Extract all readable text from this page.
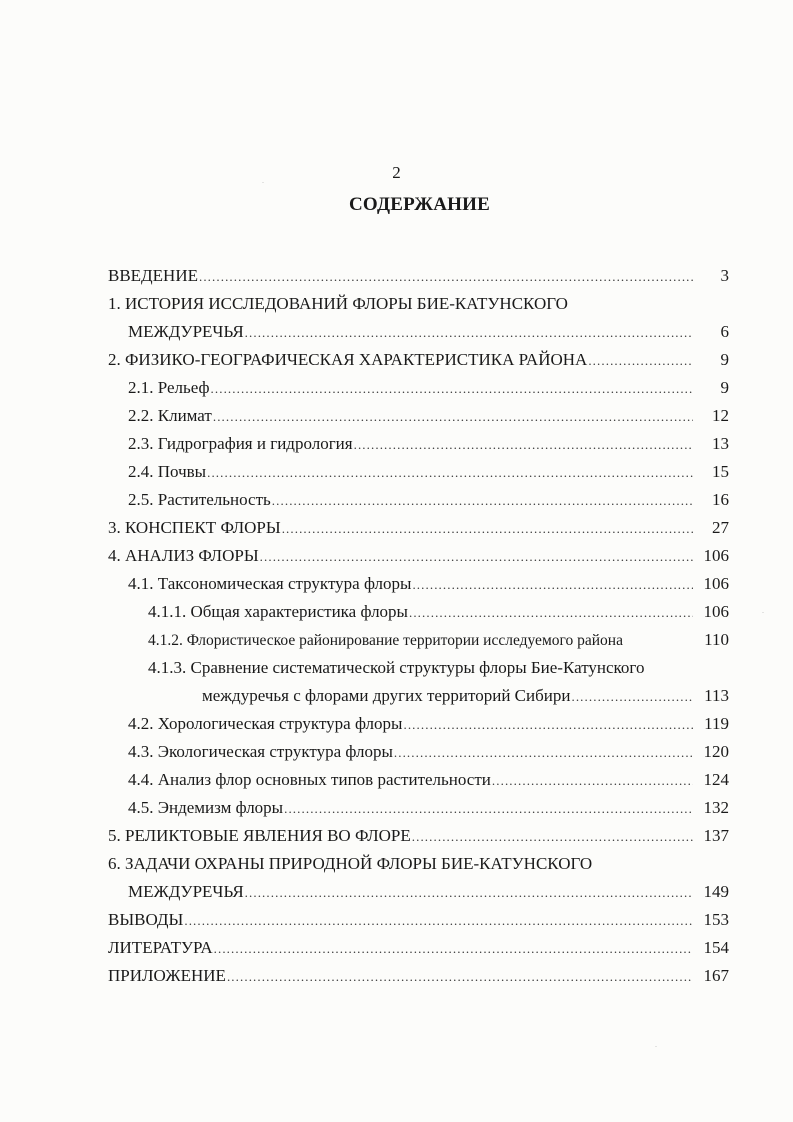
2
СОДЕРЖАНИЕ
ВВЕДЕНИЕ .....	3
1. ИСТОРИЯ ИССЛЕДОВАНИЙ ФЛОРЫ БИЕ-КАТУНСКОГО
МЕЖДУРЕЧЬЯ .....	6
2. ФИЗИКО-ГЕОГРАФИЧЕСКАЯ ХАРАКТЕРИСТИКА РАЙОНА .....	9
2.1. Рельеф .....	9
2.2. Климат .....	12
2.3. Гидрография и гидрология .....	13
2.4. Почвы .....	15
2.5. Растительность .....	16
3. КОНСПЕКТ ФЛОРЫ .....	27
4. АНАЛИЗ ФЛОРЫ .....	106
4.1. Таксономическая структура флоры .....	106
4.1.1. Общая характеристика флоры .....	106
4.1.2. Флористическое районирование территории исследуемого района	110
4.1.3. Сравнение систематической структуры флоры Бие-Катунского
междуречья с флорами других территорий Сибири .....	113
4.2. Хорологическая структура флоры .....	119
4.3. Экологическая структура флоры .....	120
4.4. Анализ флор основных типов растительности .....	124
4.5. Эндемизм флоры .....	132
5. РЕЛИКТОВЫЕ ЯВЛЕНИЯ ВО ФЛОРЕ .....	137
6. ЗАДАЧИ ОХРАНЫ ПРИРОДНОЙ ФЛОРЫ БИЕ-КАТУНСКОГО
МЕЖДУРЕЧЬЯ .....	149
ВЫВОДЫ .....	153
ЛИТЕРАТУРА .....	154
ПРИЛОЖЕНИЕ .....	167
.
.
.
